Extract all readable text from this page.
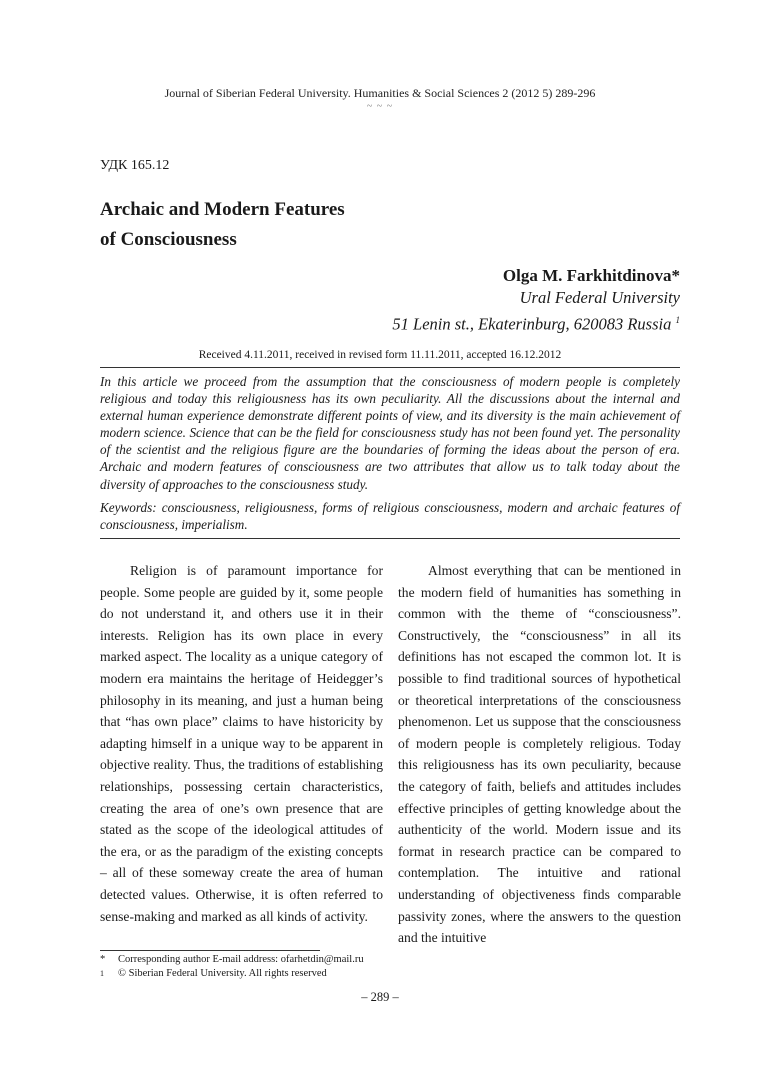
Journal of Siberian Federal University. Humanities & Social Sciences 2 (2012 5) 289-296
~ ~ ~
УДК 165.12
Archaic and Modern Features
of Consciousness
Olga M. Farkhitdinova*
Ural Federal University
51 Lenin st., Ekaterinburg, 620083 Russia $^1$
Received 4.11.2011, received in revised form 11.11.2011, accepted 16.12.2012
In this article we proceed from the assumption that the consciousness of modern people is completely religious and today this religiousness has its own peculiarity. All the discussions about the internal and external human experience demonstrate different points of view, and its diversity is the main achievement of modern science. Science that can be the field for consciousness study has not been found yet. The personality of the scientist and the religious figure are the boundaries of forming the ideas about the person of era. Archaic and modern features of consciousness are two attributes that allow us to talk today about the diversity of approaches to the consciousness study.
Keywords: consciousness, religiousness, forms of religious consciousness, modern and archaic features of consciousness, imperialism.

Religion is of paramount importance for people. Some people are guided by it, some people do not understand it, and others use it in their interests. Religion has its own place in every marked aspect. The locality as a unique category of modern era maintains the heritage of Heidegger’s philosophy in its meaning, and just a human being that “has own place” claims to have historicity by adapting himself in a unique way to be apparent in objective reality. Thus, the traditions of establishing relationships, possessing certain characteristics, creating the area of one’s own presence that are stated as the scope of the ideological attitudes of the era, or as the paradigm of the existing concepts – all of these someway create the area of human detected values. Otherwise, it is often referred to sense-making and marked as all kinds of activity.

Almost everything that can be mentioned in the modern field of humanities has something in common with the theme of “consciousness”. Constructively, the “consciousness” in all its definitions has not escaped the common lot. It is possible to find traditional sources of hypothetical or theoretical interpretations of the consciousness phenomenon. Let us suppose that the consciousness of modern people is completely religious. Today this religiousness has its own peculiarity, because the category of faith, beliefs and attitudes includes effective principles of getting knowledge about the authenticity of the world. Modern issue and its format in research practice can be compared to contemplation. The intuitive and rational understanding of objectiveness finds comparable passivity zones, where the answers to the question and the intuitive

*	Corresponding author E-mail address: ofarhetdin@mail.ru
1	© Siberian Federal University. All rights reserved
– 289 –
